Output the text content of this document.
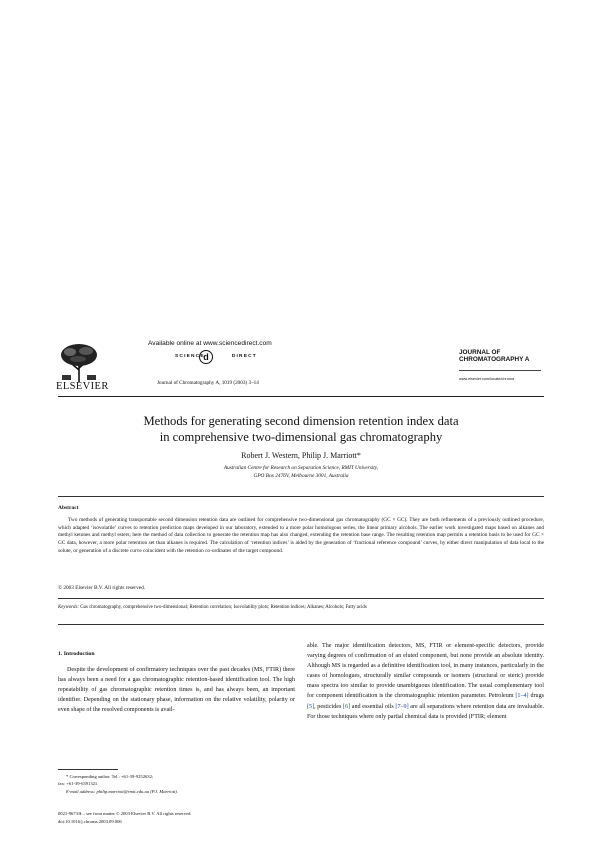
ELSEVIER
Available online at www.sciencedirect.com
SCIENCE	DIRECT
d
Journal of Chromatography A, 1019 (2003) 3–14
JOURNAL OF
CHROMATOGRAPHY A
www.elsevier.com/locate/chroma
Methods for generating second dimension retention index data
in comprehensive two-dimensional gas chromatography
Robert J. Western, Philip J. Marriott*
Australian Centre for Research on Separation Science, RMIT University,
GPO Box 2476V, Melbourne 3001, Australia
Abstract

Two methods of generating transportable second dimension retention data are outlined for comprehensive two-dimensional gas chromatography (GC × GC). They are both refinements of a previously outlined procedure, which adapted ‘isovolatile’ curves to retention prediction maps developed in our laboratory, extended to a more polar homologous series, the linear primary alcohols. The earlier work investigated maps based on alkanes and methyl ketones and methyl esters; here the method of data collection to generate the retention map has also changed, extending the retention base range. The resulting retention map permits a retention basis to be used for GC × GC data, however, a more polar retention set than alkanes is required. The calculation of ‘retention indices’ is aided by the generation of ‘fractional reference compound’ curves, by either direct manipulation of data local to the solute, or generation of a discrete curve coincident with the retention co-ordinates of the target compound.

© 2003 Elsevier B.V. All rights reserved.
Keywords: Gas chromatography, comprehensive two-dimensional; Retention correlation; Isovolatility plots; Retention indices; Alkanes; Alcohols; Fatty acids
1. Introduction

Despite the development of confirmatory techniques over the past decades (MS, FTIR) there has always been a need for a gas chromatographic retention-based identification tool. The high repeatability of gas chromatographic retention times is, and has always been, an important identifier. Depending on the stationary phase, information on the relative volatility, polarity or even shape of the resolved components is avail-

able. The major identification detectors, MS, FTIR or element-specific detectors, provide varying degrees of confirmation of an eluted component, but none provide an absolute identity. Although MS is regarded as a definitive identification tool, in many instances, particularly in the cases of homologues, structurally similar compounds or isomers (structural or steric) provide mass spectra too similar to provide unambiguous identification. The usual complementary tool for component identification is the chromatographic retention parameter. Petroleum [1–4] drugs [5], pesticides [6] and essential oils [7–9] are all separations where retention data are invaluable. For those techniques where only partial chemical data is provided (FTIR; element

* Corresponding author. Tel.: +61-39-9252632;
fax: +61-39-6391321.
E-mail address: philip.marriott@rmit.edu.au (P.J. Marriott).
0021-9673/$ – see front matter © 2003 Elsevier B.V. All rights reserved.
doi:10.1016/j.chroma.2003.09.006
